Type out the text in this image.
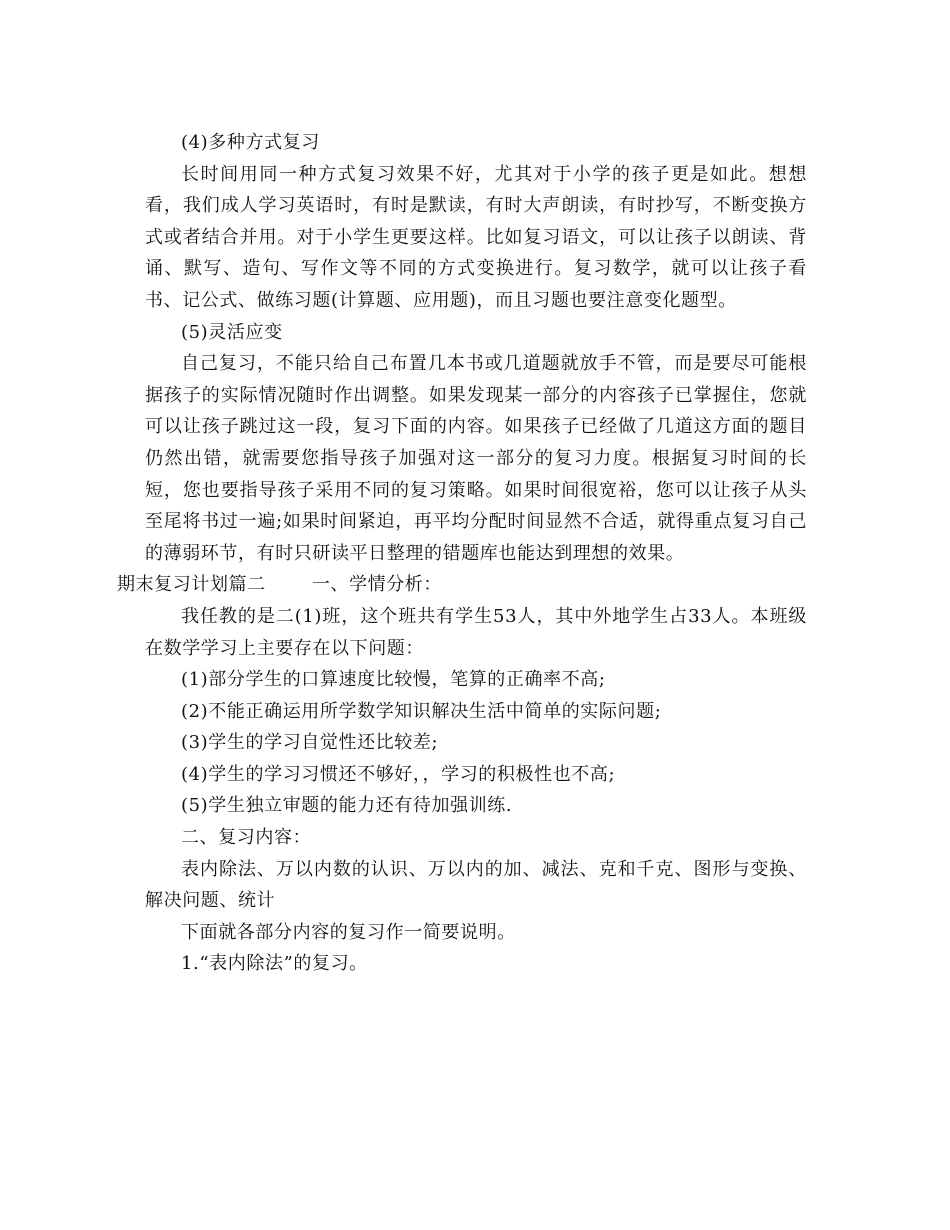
(4)多种方式复习

长时间用同一种方式复习效果不好，尤其对于小学的孩子更是如此。想想看，我们成人学习英语时，有时是默读，有时大声朗读，有时抄写，不断变换方式或者结合并用。对于小学生更要这样。比如复习语文，可以让孩子以朗读、背诵、默写、造句、写作文等不同的方式变换进行。复习数学，就可以让孩子看书、记公式、做练习题(计算题、应用题)，而且习题也要注意变化题型。

(5)灵活应变

自己复习，不能只给自己布置几本书或几道题就放手不管，而是要尽可能根据孩子的实际情况随时作出调整。如果发现某一部分的内容孩子已掌握住，您就可以让孩子跳过这一段，复习下面的内容。如果孩子已经做了几道这方面的题目仍然出错，就需要您指导孩子加强对这一部分的复习力度。根据复习时间的长短，您也要指导孩子采用不同的复习策略。如果时间很宽裕，您可以让孩子从头至尾将书过一遍;如果时间紧迫，再平均分配时间显然不合适，就得重点复习自己的薄弱环节，有时只研读平日整理的错题库也能达到理想的效果。

期末复习计划篇二	一、学情分析：

我任教的是二(1)班，这个班共有学生53人，其中外地学生占33人。本班级在数学学习上主要存在以下问题：

(1)部分学生的口算速度比较慢，笔算的正确率不高;

(2)不能正确运用所学数学知识解决生活中简单的实际问题;

(3)学生的学习自觉性还比较差;

(4)学生的学习习惯还不够好，，学习的积极性也不高;

(5)学生独立审题的能力还有待加强训练.

二、复习内容：

表内除法、万以内数的认识、万以内的加、减法、克和千克、图形与变换、解决问题、统计

下面就各部分内容的复习作一简要说明。

1.“表内除法”的复习。
